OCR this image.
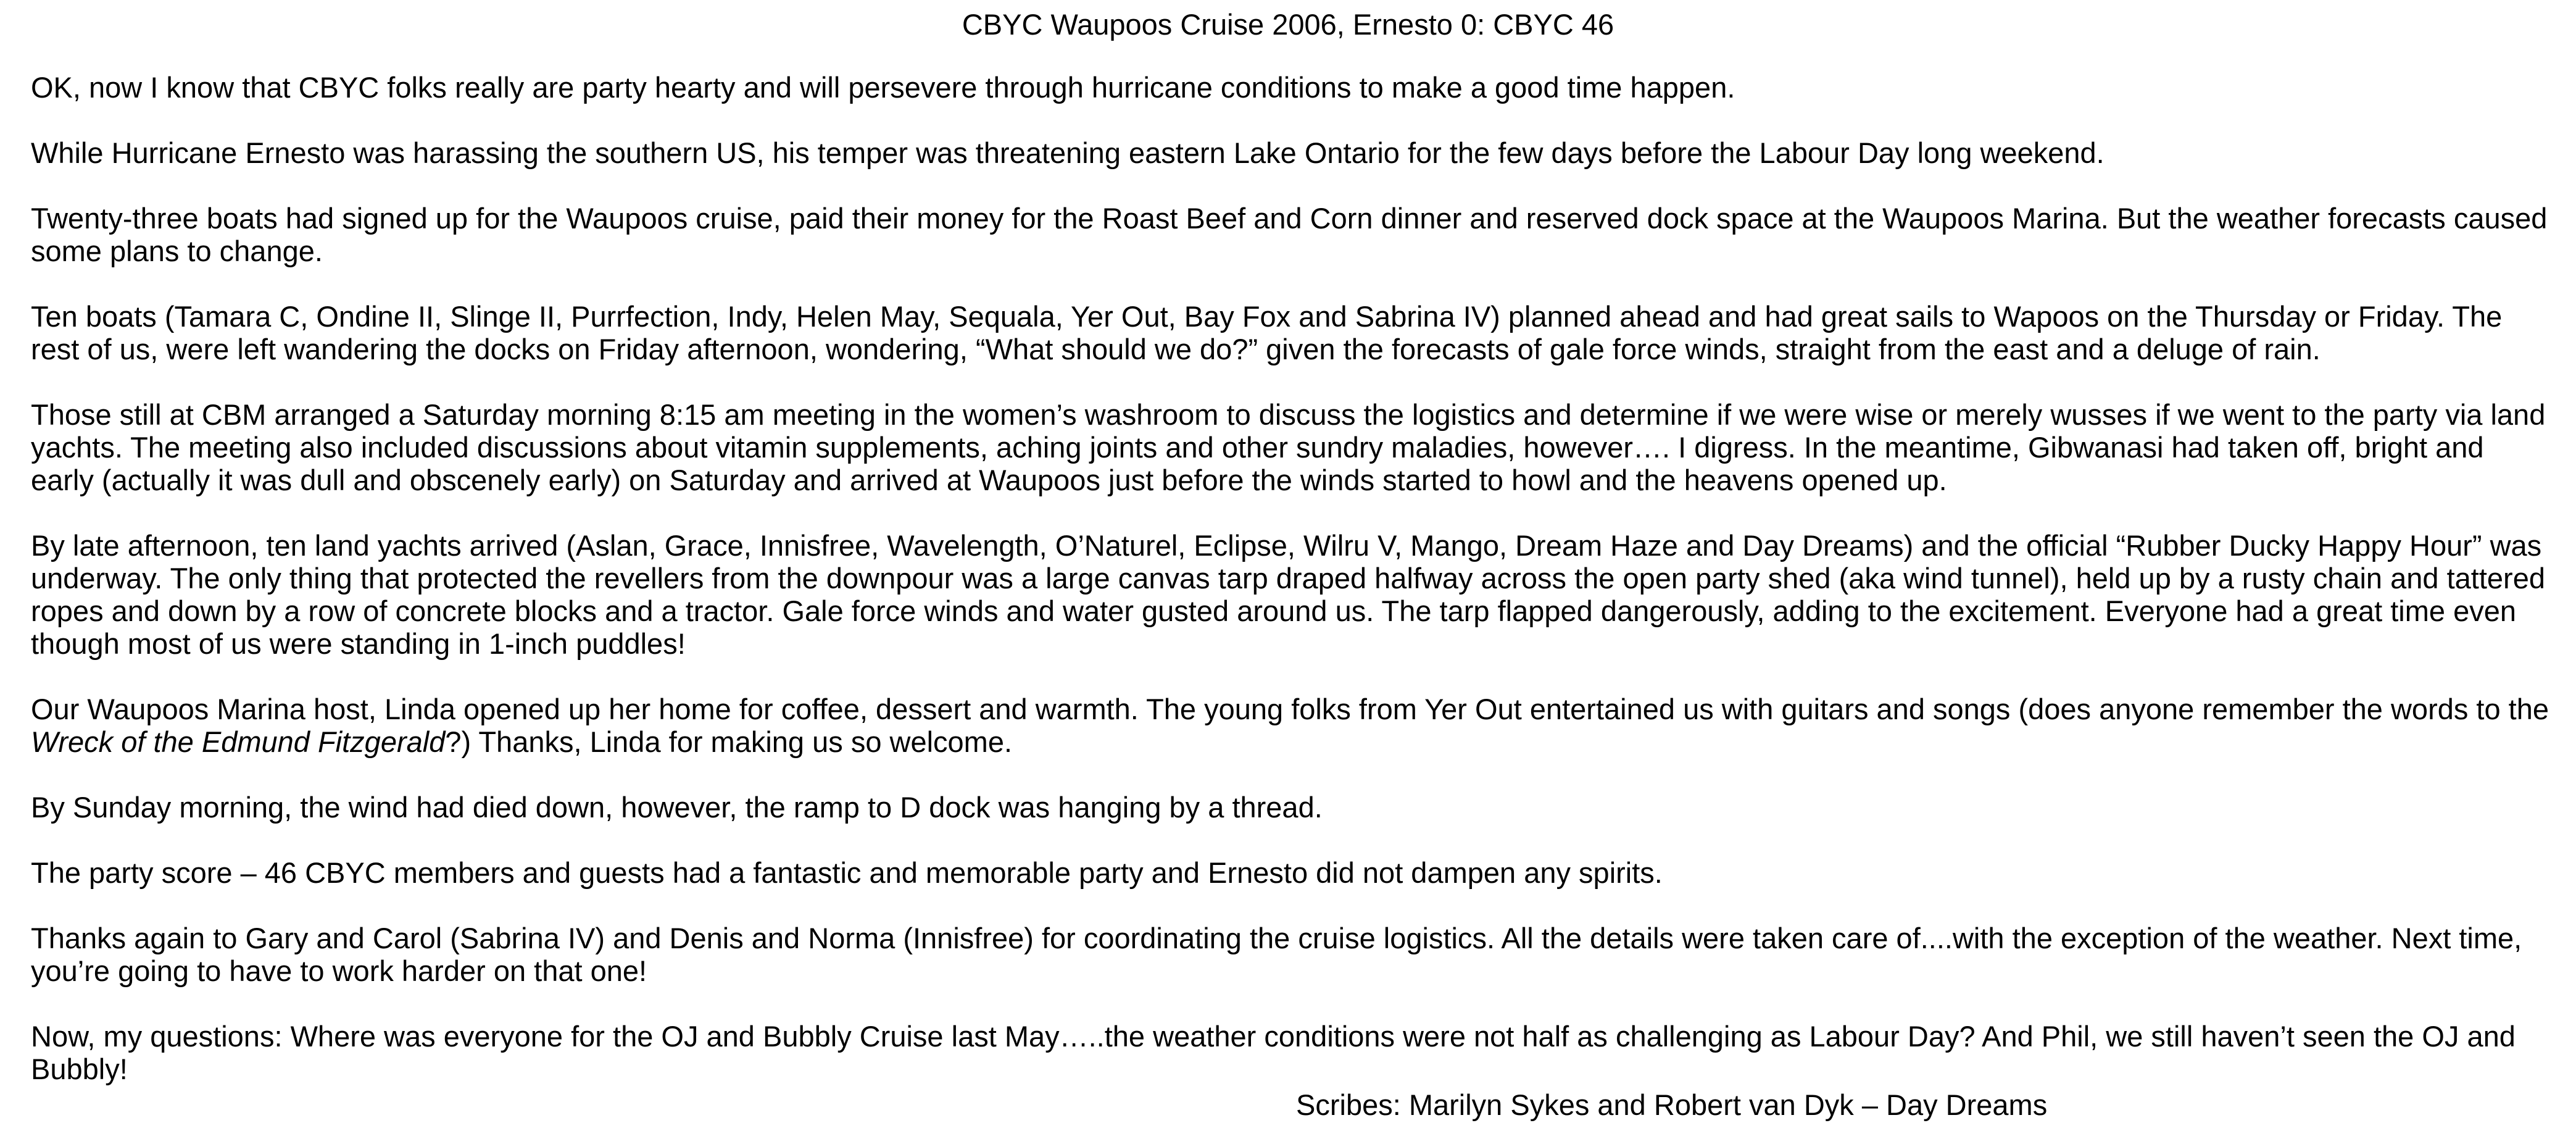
CBYC Waupoos Cruise 2006, Ernesto 0: CBYC 46

OK, now I know that CBYC folks really are party hearty and will persevere through hurricane conditions to make a good time happen.

While Hurricane Ernesto was harassing the southern US, his temper was threatening eastern Lake Ontario for the few days before the Labour Day long weekend.

Twenty-three boats had signed up for the Waupoos cruise, paid their money for the Roast Beef and Corn dinner and reserved dock space at the Waupoos Marina. But the weather forecasts caused some plans to change.

Ten boats (Tamara C, Ondine II, Slinge II, Purrfection, Indy, Helen May, Sequala, Yer Out, Bay Fox and Sabrina IV) planned ahead and had great sails to Wapoos on the Thursday or Friday. The rest of us, were left wandering the docks on Friday afternoon, wondering, “What should we do?” given the forecasts of gale force winds, straight from the east and a deluge of rain.

Those still at CBM arranged a Saturday morning 8:15 am meeting in the women’s washroom to discuss the logistics and determine if we were wise or merely wusses if we went to the party via land yachts. The meeting also included discussions about vitamin supplements, aching joints and other sundry maladies, however…. I digress. In the meantime, Gibwanasi had taken off, bright and early (actually it was dull and obscenely early) on Saturday and arrived at Waupoos just before the winds started to howl and the heavens opened up.

By late afternoon, ten land yachts arrived (Aslan, Grace, Innisfree, Wavelength, O’Naturel, Eclipse, Wilru V, Mango, Dream Haze and Day Dreams) and the official “Rubber Ducky Happy Hour” was underway. The only thing that protected the revellers from the downpour was a large canvas tarp draped halfway across the open party shed (aka wind tunnel), held up by a rusty chain and tattered ropes and down by a row of concrete blocks and a tractor. Gale force winds and water gusted around us. The tarp flapped dangerously, adding to the excitement. Everyone had a great time even though most of us were standing in 1-inch puddles!

Our Waupoos Marina host, Linda opened up her home for coffee, dessert and warmth. The young folks from Yer Out entertained us with guitars and songs (does anyone remember the words to the Wreck of the Edmund Fitzgerald?) Thanks, Linda for making us so welcome.

By Sunday morning, the wind had died down, however, the ramp to D dock was hanging by a thread.

The party score – 46 CBYC members and guests had a fantastic and memorable party and Ernesto did not dampen any spirits.

Thanks again to Gary and Carol (Sabrina IV) and Denis and Norma (Innisfree) for coordinating the cruise logistics. All the details were taken care of....with the exception of the weather. Next time, you’re going to have to work harder on that one!

Now, my questions: Where was everyone for the OJ and Bubbly Cruise last May…..the weather conditions were not half as challenging as Labour Day? And Phil, we still haven’t seen the OJ and Bubbly!

Scribes: Marilyn Sykes and Robert van Dyk – Day Dreams
